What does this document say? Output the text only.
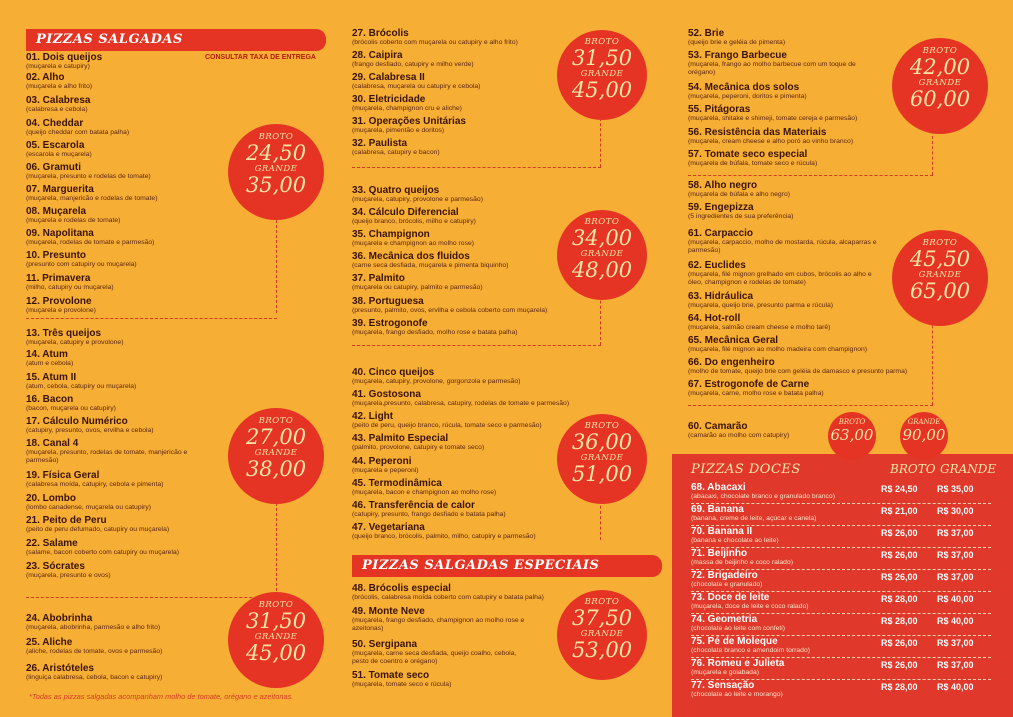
PIZZAS SALGADAS
CONSULTAR TAXA DE ENTREGA
01. Dois queijos
(muçarela e catupiry)
02. Alho
(muçarela e alho frito)
03. Calabresa
(calabresa e cebola)
04. Cheddar
(queijo cheddar com batata palha)
05. Escarola
(escarola e muçarela)
06. Gramuti
(muçarela, presunto e rodelas de tomate)
07. Marguerita
(muçarela, manjericão e rodelas de tomate)
08. Muçarela
(muçarela e rodelas de tomate)
09. Napolitana
(muçarela, rodelas de tomate e parmesão)
10. Presunto
(presunto com catupiry ou muçarela)
11. Primavera
(milho, catupiry ou muçarela)
12. Provolone
(muçarela e provolone)
13. Três queijos
(muçarela, catupiry e provolone)
14. Atum
(atum e cebola)
15. Atum II
(atum, cebola, catupiry ou muçarela)
16. Bacon
(bacon, muçarela ou catupiry)
17. Cálculo Numérico
(catupiry, presunto, ovos, ervilha e cebola)
18. Canal 4
(muçarela, presunto, rodelas de tomate, manjericão e parmesão)
19. Física Geral
(calabresa moída, catupiry, cebola e pimenta)
20. Lombo
(lombo canadense, muçarela ou catupiry)
21. Peito de Peru
(peito de peru defumado, catupiry ou muçarela)
22. Salame
(salame, bacon coberto com catupiry ou muçarela)
23. Sócrates
(muçarela, presunto e ovos)
24. Abobrinha
(muçarela, abobrinha, parmesão e alho frito)
25. Aliche
(aliche, rodelas de tomate, ovos e parmesão)
26. Aristóteles
(linguiça calabresa, cebola, bacon e catupiry)
27. Brócolis
(brócolis coberto com muçarela ou catupiry e alho frito)
28. Caipira
(frango desfiado, catupiry e milho verde)
29. Calabresa II
(calabresa, muçarela ou catupiry e cebola)
30. Eletricidade
(muçarela, champignon cru e aliche)
31. Operações Unitárias
(muçarela, pimentão e doritos)
32. Paulista
(calabresa, catupiry e bacon)
33. Quatro queijos
(muçarela, catupiry, provolone e parmesão)
34. Cálculo Diferencial
(queijo branco, brócolis, milho e catupiry)
35. Champignon
(muçarela e champignon ao molho rose)
36. Mecânica dos fluidos
(carne seca desfiada, muçarela e pimenta biquinho)
37. Palmito
(muçarela ou catupiry, palmito e parmesão)
38. Portuguesa
(presunto, palmito, ovos, ervilha e cebola coberto com muçarela)
39. Estrogonofe
(muçarela, frango desfiado, molho rose e batata palha)
40. Cinco queijos
(muçarela, catupiry, provolone, gorgonzola e parmesão)
41. Gostosona
(muçarela,presunto, calabresa, catupiry, rodelas de tomate e parmesão)
42. Light
(peito de peru, queijo branco, rúcula, tomate seco e parmesão)
43. Palmito Especial
(palmito, provolone, catupiry e tomate seco)
44. Peperoni
(muçarela e peperoni)
45. Termodinâmica
(muçarela, bacon e champignon ao molho rose)
46. Transferência de calor
(catupiry, presunto, frango desfiado e batata palha)
47. Vegetariana
(queijo branco, brócolis, palmito, milho, catupiry e parmesão)
48. Brócolis especial
(brócolis, calabresa moída coberto com catupiry e batata palha)
49. Monte Neve
(muçarela, frango desfiado, champignon ao molho rose e azeitonas)
50. Sergipana
(muçarela, carne seca desfiada, queijo coalho, cebola, pesto de coentro e orégano)
51. Tomate seco
(muçarela, tomate seco e rúcula)
52. Brie
(queijo brie e geléia de pimenta)
53. Frango Barbecue
(muçarela, frango ao molho barbecue com um toque de orégano)
54. Mecânica dos solos
(muçarela, peperoni, doritos e pimenta)
55. Pitágoras
(muçarela, shitake e shimeji, tomate cereja e parmesão)
56. Resistência das Materiais
(muçarela, cream cheese e alho poró ao vinho branco)
57. Tomate seco especial
(muçarela de búfala, tomate seco e rúcula)
58. Alho negro
(muçarela de búfala e alho negro)
59. Engepizza
(5 ingredientes de sua preferência)
61. Carpaccio
(muçarela, carpaccio, molho de mostarda, rúcula, alcaparras e parmesão)
62. Euclides
(muçarela, filé mignon grelhado em cubos, brócolis ao alho e óleo, champignon e rodelas de tomate)
63. Hidráulica
(muçarela, queijo brie, presunto parma e rúcula)
64. Hot-roll
(muçarela, salmão cream cheese e molho tarê)
65. Mecânica Geral
(muçarela, filé mignon ao molho madeira com champignon)
66. Do engenheiro
(molho de tomate, queijo brie com geléia de damasco e presunto parma)
67. Estrogonofe de Carne
(muçarela, carne, molho rose e batata palha)
60. Camarão
(camarão ao molho com catupiry)
PIZZAS SALGADAS ESPECIAIS
*Todas as pizzas salgadas acompanham molho de tomate, orégano e azeitonas.
PIZZAS DOCES	BROTO GRANDE
68. Abacaxi
(abacaxi, chocolate branco e granulado branco)
R$ 24,50 R$ 35,00
69. Banana
(banana, creme de leite, açúcar e canela)
R$ 21,00 R$ 30,00
70. Banana II
(banana e chocolate ao leite)
R$ 26,00 R$ 37,00
71. Beijinho
(massa de beijinho e coco ralado)
R$ 26,00 R$ 37,00
72. Brigadeiro
(chocolate e granulado)
R$ 26,00 R$ 37,00
73. Doce de leite
(muçarela, doce de leite e coco ralado)
R$ 28,00 R$ 40,00
74. Geometria
(chocolate ao leite com confeti)
R$ 28,00 R$ 40,00
75. Pé de Moleque
(chocolate branco e amendoim torrado)
R$ 26,00 R$ 37,00
76. Romeu e Julieta
(muçarela e goiabada)
R$ 26,00 R$ 37,00
77. Sensação
(chocolate ao leite e morango)
R$ 28,00 R$ 40,00
BROTO
24,50
GRANDE
35,00
BROTO
27,00
GRANDE
38,00
BROTO
31,50
GRANDE
45,00
BROTO
31,50
GRANDE
45,00
BROTO
34,00
GRANDE
48,00
BROTO
36,00
GRANDE
51,00
BROTO
37,50
GRANDE
53,00
BROTO
42,00
GRANDE
60,00
BROTO
45,50
GRANDE
65,00
BROTO
63,00
GRANDE
90,00
